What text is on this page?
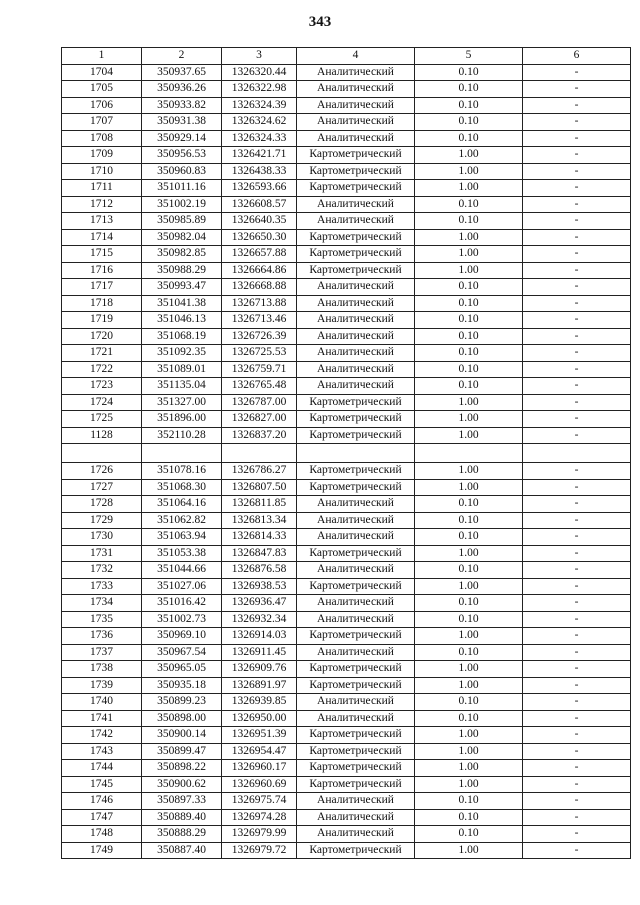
343
1	2	3	4	5	6
1704	350937.65	1326320.44	Аналитический	0.10	-
1705	350936.26	1326322.98	Аналитический	0.10	-
1706	350933.82	1326324.39	Аналитический	0.10	-
1707	350931.38	1326324.62	Аналитический	0.10	-
1708	350929.14	1326324.33	Аналитический	0.10	-
1709	350956.53	1326421.71	Картометрический	1.00	-
1710	350960.83	1326438.33	Картометрический	1.00	-
1711	351011.16	1326593.66	Картометрический	1.00	-
1712	351002.19	1326608.57	Аналитический	0.10	-
1713	350985.89	1326640.35	Аналитический	0.10	-
1714	350982.04	1326650.30	Картометрический	1.00	-
1715	350982.85	1326657.88	Картометрический	1.00	-
1716	350988.29	1326664.86	Картометрический	1.00	-
1717	350993.47	1326668.88	Аналитический	0.10	-
1718	351041.38	1326713.88	Аналитический	0.10	-
1719	351046.13	1326713.46	Аналитический	0.10	-
1720	351068.19	1326726.39	Аналитический	0.10	-
1721	351092.35	1326725.53	Аналитический	0.10	-
1722	351089.01	1326759.71	Аналитический	0.10	-
1723	351135.04	1326765.48	Аналитический	0.10	-
1724	351327.00	1326787.00	Картометрический	1.00	-
1725	351896.00	1326827.00	Картометрический	1.00	-
1128	352110.28	1326837.20	Картометрический	1.00	-

1726	351078.16	1326786.27	Картометрический	1.00	-
1727	351068.30	1326807.50	Картометрический	1.00	-
1728	351064.16	1326811.85	Аналитический	0.10	-
1729	351062.82	1326813.34	Аналитический	0.10	-
1730	351063.94	1326814.33	Аналитический	0.10	-
1731	351053.38	1326847.83	Картометрический	1.00	-
1732	351044.66	1326876.58	Аналитический	0.10	-
1733	351027.06	1326938.53	Картометрический	1.00	-
1734	351016.42	1326936.47	Аналитический	0.10	-
1735	351002.73	1326932.34	Аналитический	0.10	-
1736	350969.10	1326914.03	Картометрический	1.00	-
1737	350967.54	1326911.45	Аналитический	0.10	-
1738	350965.05	1326909.76	Картометрический	1.00	-
1739	350935.18	1326891.97	Картометрический	1.00	-
1740	350899.23	1326939.85	Аналитический	0.10	-
1741	350898.00	1326950.00	Аналитический	0.10	-
1742	350900.14	1326951.39	Картометрический	1.00	-
1743	350899.47	1326954.47	Картометрический	1.00	-
1744	350898.22	1326960.17	Картометрический	1.00	-
1745	350900.62	1326960.69	Картометрический	1.00	-
1746	350897.33	1326975.74	Аналитический	0.10	-
1747	350889.40	1326974.28	Аналитический	0.10	-
1748	350888.29	1326979.99	Аналитический	0.10	-
1749	350887.40	1326979.72	Картометрический	1.00	-
